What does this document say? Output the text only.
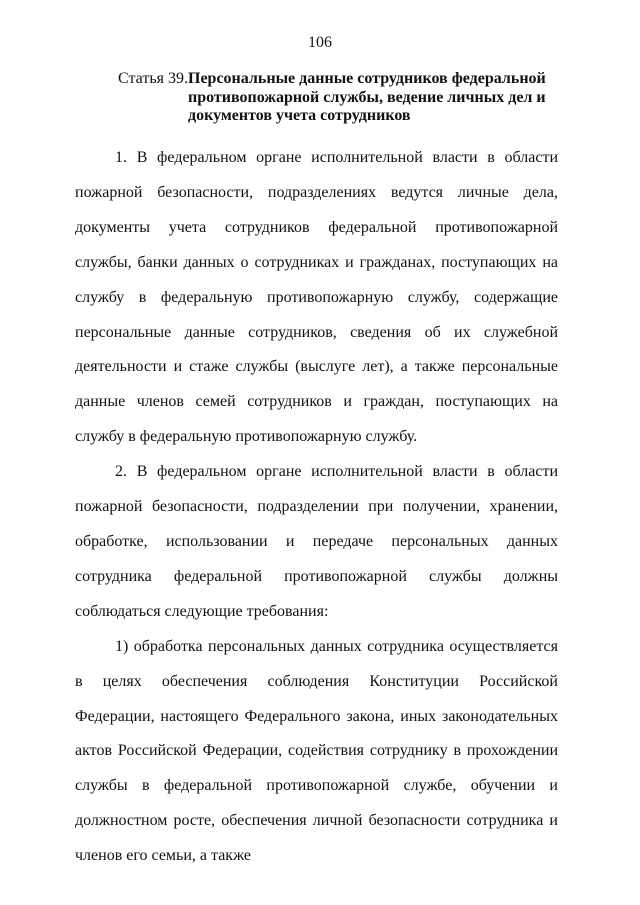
106
Статья 39. Персональные данные сотрудников федеральной противопожарной службы, ведение личных дел и документов учета сотрудников

1. В федеральном органе исполнительной власти в области пожарной безопасности, подразделениях ведутся личные дела, документы учета сотрудников федеральной противопожарной службы, банки данных о сотрудниках и гражданах, поступающих на службу в федеральную противопожарную службу, содержащие персональные данные сотрудников, сведения об их служебной деятельности и стаже службы (выслуге лет), а также персональные данные членов семей сотрудников и граждан, поступающих на службу в федеральную противопожарную службу.

2. В федеральном органе исполнительной власти в области пожарной безопасности, подразделении при получении, хранении, обработке, использовании и передаче персональных данных сотрудника федеральной противопожарной службы должны соблюдаться следующие требования:

1) обработка персональных данных сотрудника осуществляется в целях обеспечения соблюдения Конституции Российской Федерации, настоящего Федерального закона, иных законодательных актов Российской Федерации, содействия сотруднику в прохождении службы в федеральной противопожарной службе, обучении и должностном росте, обеспечения личной безопасности сотрудника и членов его семьи, а также
